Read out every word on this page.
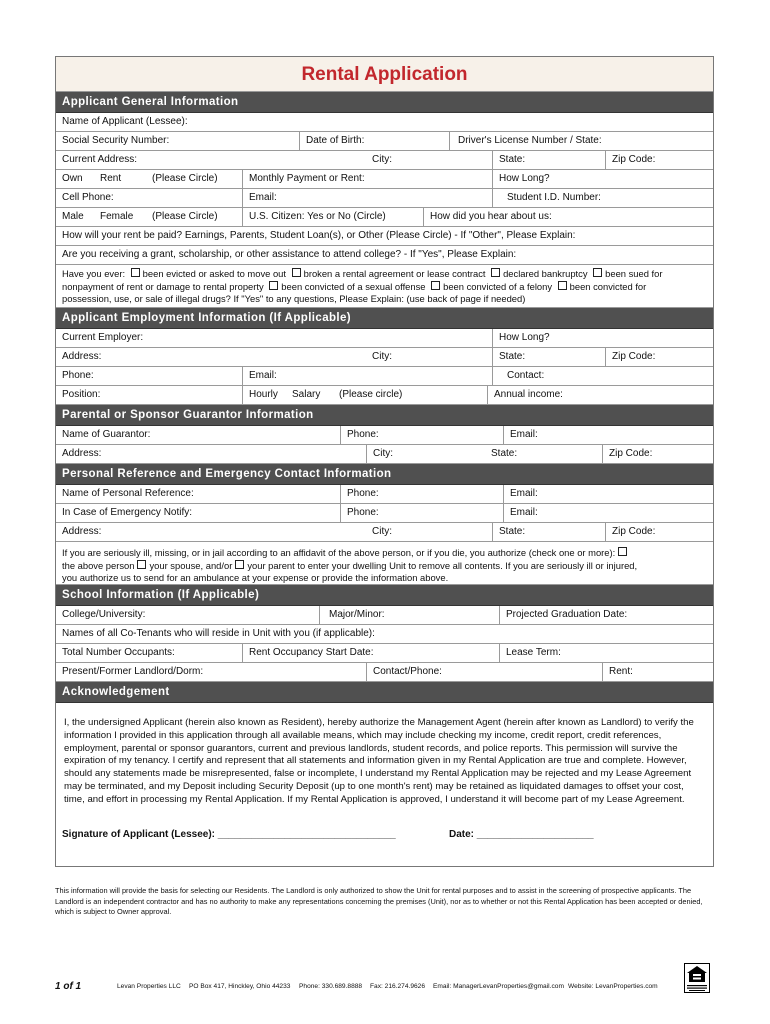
Rental Application
Applicant General Information
Name of Applicant (Lessee):
Social Security Number:	Date of Birth:	Driver's License Number / State:
Current Address:	City:	State:	Zip Code:
Own Rent	(Please Circle)	Monthly Payment or Rent:	How Long?
Cell Phone:	Email:	Student I.D. Number:
Male Female (Please Circle)	U.S. Citizen: Yes or No (Circle)	How did you hear about us:
How will your rent be paid? Earnings, Parents, Student Loan(s), or Other (Please Circle) - If "Other", Please Explain:
Are you receiving a grant, scholarship, or other assistance to attend college? - If "Yes", Please Explain:
Have you ever: been evicted or asked to move out broken a rental agreement or lease contract declared bankruptcy been sued for
nonpayment of rent or damage to rental property been convicted of a sexual offense been convicted of a felony been convicted for
possession, use, or sale of illegal drugs? If "Yes" to any questions, Please Explain: (use back of page if needed)
Applicant Employment Information (If Applicable)
Current Employer:	How Long?
Address:	City:	State:	Zip Code:
Phone:	Email:	Contact:
Position:	Hourly Salary (Please circle)	Annual income:
Parental or Sponsor Guarantor Information
Name of Guarantor:	Phone:	Email:
Address:	City:	State:	Zip Code:
Personal Reference and Emergency Contact Information
Name of Personal Reference:	Phone:	Email:
In Case of Emergency Notify:	Phone:	Email:
Address:	City:	State:	Zip Code:
If you are seriously ill, missing, or in jail according to an affidavit of the above person, or if you die, you authorize (check one or more):
the above person your spouse, and/or your parent to enter your dwelling Unit to remove all contents. If you are seriously ill or injured,
you authorize us to send for an ambulance at your expense or provide the information above.
School Information (If Applicable)
College/University:	Major/Minor:	Projected Graduation Date:
Names of all Co-Tenants who will reside in Unit with you (if applicable):
Total Number Occupants:	Rent Occupancy Start Date:	Lease Term:
Present/Former Landlord/Dorm:	Contact/Phone:	Rent:
Acknowledgement
I, the undersigned Applicant (herein also known as Resident), hereby authorize the Management Agent (herein after known as Landlord) to verify the information I provided in this application through all available means, which may include checking my income, credit report, credit references, employment, parental or sponsor guarantors, current and previous landlords, student records, and police reports. This permission will survive the expiration of my tenancy. I certify and represent that all statements and information given in my Rental Application are true and complete. However, should any statements made be misrepresented, false or incomplete, I understand my Rental Application may be rejected and my Lease Agreement may be terminated, and my Deposit including Security Deposit (up to one month's rent) may be retained as liquidated damages to offset your cost, time, and effort in processing my Rental Application. If my Rental Application is approved, I understand it will become part of my Lease Agreement.
Signature of Applicant (Lessee): ________________________________	Date: _____________________
This information will provide the basis for selecting our Residents. The Landlord is only authorized to show the Unit for rental purposes and to assist in the screening of prospective applicants. The Landlord is an independent contractor and has no authority to make any representations concerning the premises (Unit), nor as to whether or not this Rental Application has been accepted or denied, which is subject to Owner approval.
1 of 1	Levan Properties LLC PO Box 417, Hinckley, Ohio 44233 Phone: 330.689.8888 Fax: 216.274.9626 Email: ManagerLevanProperties@gmail.com Website: LevanProperties.com
